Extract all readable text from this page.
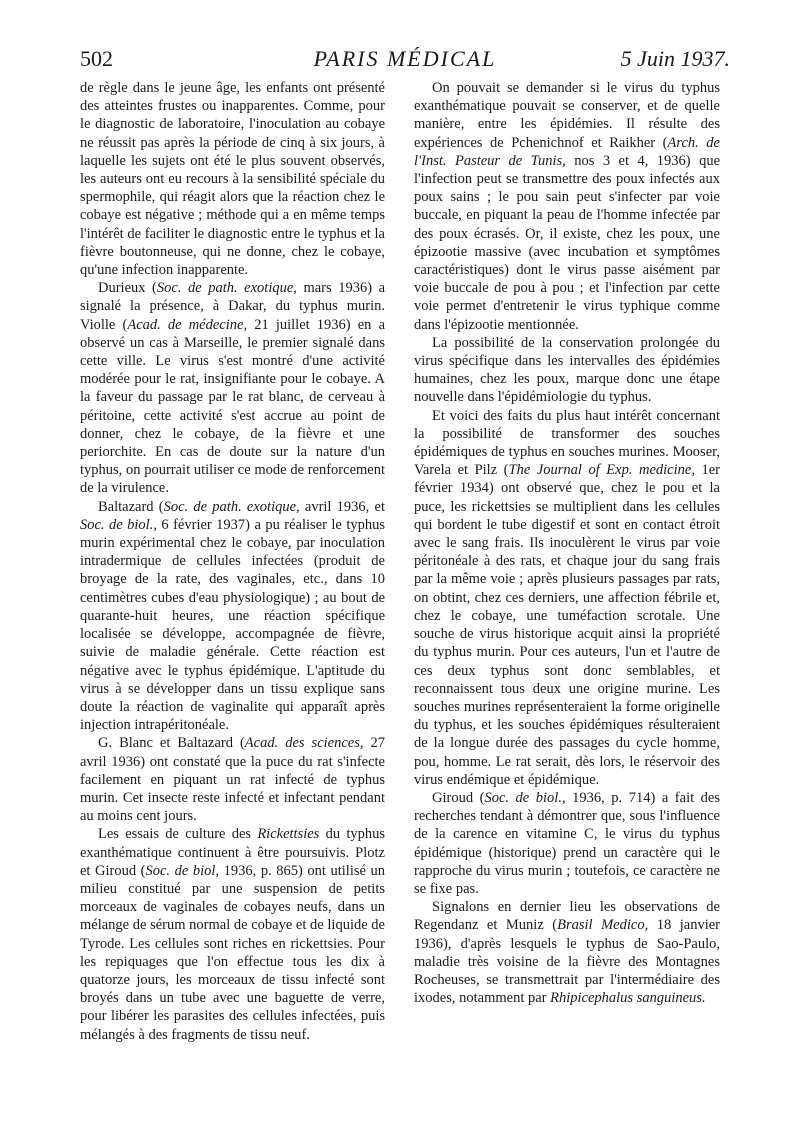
502	PARIS MÉDICAL	5 Juin 1937.

de règle dans le jeune âge, les enfants ont présenté des atteintes frustes ou inapparentes. Comme, pour le diagnostic de laboratoire, l'inoculation au cobaye ne réussit pas après la période de cinq à six jours, à laquelle les sujets ont été le plus souvent observés, les auteurs ont eu recours à la sensibilité spéciale du spermophile, qui réagit alors que la réaction chez le cobaye est négative ; méthode qui a en même temps l'intérêt de faciliter le diagnostic entre le typhus et la fièvre boutonneuse, qui ne donne, chez le cobaye, qu'une infection inapparente.

Durieux (Soc. de path. exotique, mars 1936) a signalé la présence, à Dakar, du typhus murin. Violle (Acad. de médecine, 21 juillet 1936) en a observé un cas à Marseille, le premier signalé dans cette ville. Le virus s'est montré d'une activité modérée pour le rat, insignifiante pour le cobaye. A la faveur du passage par le rat blanc, de cerveau à péritoine, cette activité s'est accrue au point de donner, chez le cobaye, de la fièvre et une periorchite. En cas de doute sur la nature d'un typhus, on pourrait utiliser ce mode de renforcement de la virulence.

Baltazard (Soc. de path. exotique, avril 1936, et Soc. de biol., 6 février 1937) a pu réaliser le typhus murin expérimental chez le cobaye, par inoculation intradermique de cellules infectées (produit de broyage de la rate, des vaginales, etc., dans 10 centimètres cubes d'eau physiologique) ; au bout de quarante-huit heures, une réaction spécifique localisée se développe, accompagnée de fièvre, suivie de maladie générale. Cette réaction est négative avec le typhus épidémique. L'aptitude du virus à se développer dans un tissu explique sans doute la réaction de vaginalite qui apparaît après injection intrapéritonéale.

G. Blanc et Baltazard (Acad. des sciences, 27 avril 1936) ont constaté que la puce du rat s'infecte facilement en piquant un rat infecté de typhus murin. Cet insecte reste infecté et infectant pendant au moins cent jours.

Les essais de culture des Rickettsies du typhus exanthématique continuent à être poursuivis. Plotz et Giroud (Soc. de biol, 1936, p. 865) ont utilisé un milieu constitué par une suspension de petits morceaux de vaginales de cobayes neufs, dans un mélange de sérum normal de cobaye et de liquide de Tyrode. Les cellules sont riches en rickettsies. Pour les repiquages que l'on effectue tous les dix à quatorze jours, les morceaux de tissu infecté sont broyés dans un tube avec une baguette de verre, pour libérer les parasites des cellules infectées, puis mélangés à des fragments de tissu neuf.

On pouvait se demander si le virus du typhus exanthématique pouvait se conserver, et de quelle manière, entre les épidémies. Il résulte des expériences de Pchenichnof et Raikher (Arch. de l'Inst. Pasteur de Tunis, nos 3 et 4, 1936) que l'infection peut se transmettre des poux infectés aux poux sains ; le pou sain peut s'infecter par voie buccale, en piquant la peau de l'homme infectée par des poux écrasés. Or, il existe, chez les poux, une épizootie massive (avec incubation et symptômes caractéristiques) dont le virus passe aisément par voie buccale de pou à pou ; et l'infection par cette voie permet d'entretenir le virus typhique comme dans l'épizootie mentionnée.

La possibilité de la conservation prolongée du virus spécifique dans les intervalles des épidémies humaines, chez les poux, marque donc une étape nouvelle dans l'épidémiologie du typhus.

Et voici des faits du plus haut intérêt concernant la possibilité de transformer des souches épidémiques de typhus en souches murines. Mooser, Varela et Pilz (The Journal of Exp. medicine, 1er février 1934) ont observé que, chez le pou et la puce, les rickettsies se multiplient dans les cellules qui bordent le tube digestif et sont en contact étroit avec le sang frais. Ils inoculèrent le virus par voie péritonéale à des rats, et chaque jour du sang frais par la même voie ; après plusieurs passages par rats, on obtint, chez ces derniers, une affection fébrile et, chez le cobaye, une tuméfaction scrotale. Une souche de virus historique acquit ainsi la propriété du typhus murin. Pour ces auteurs, l'un et l'autre de ces deux typhus sont donc semblables, et reconnaissent tous deux une origine murine. Les souches murines représenteraient la forme originelle du typhus, et les souches épidémiques résulteraient de la longue durée des passages du cycle homme, pou, homme. Le rat serait, dès lors, le réservoir des virus endémique et épidémique.

Giroud (Soc. de biol., 1936, p. 714) a fait des recherches tendant à démontrer que, sous l'influence de la carence en vitamine C, le virus du typhus épidémique (historique) prend un caractère qui le rapproche du virus murin ; toutefois, ce caractère ne se fixe pas.

Signalons en dernier lieu les observations de Regendanz et Muniz (Brasil Medico, 18 janvier 1936), d'après lesquels le typhus de Sao-Paulo, maladie très voisine de la fièvre des Montagnes Rocheuses, se transmettrait par l'intermédiaire des ixodes, notamment par Rhipicephalus sanguineus.
